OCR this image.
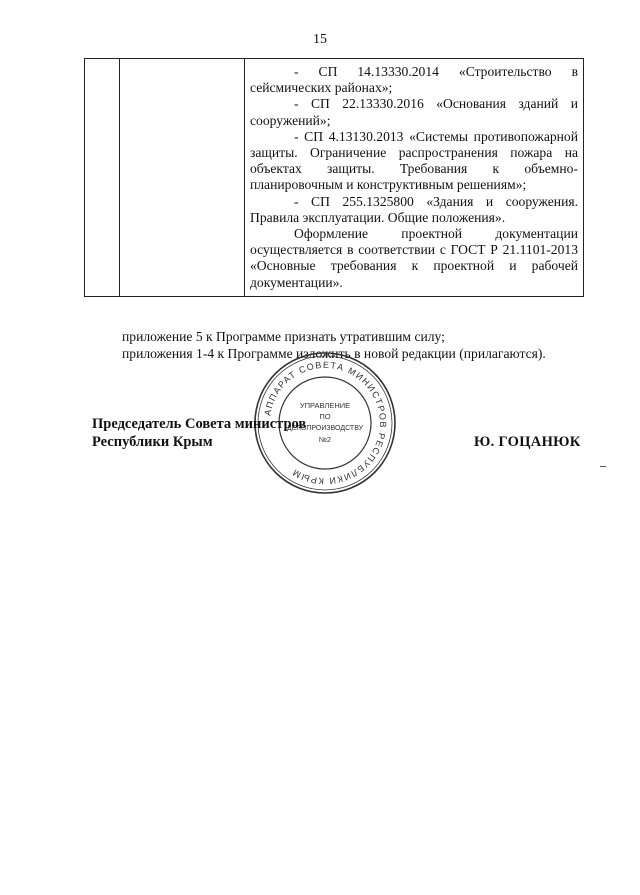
15

- СП 14.13330.2014 «Строительство в сейсмических районах»;

- СП 22.13330.2016 «Основания зданий и сооружений»;

- СП 4.13130.2013 «Системы противопожарной защиты. Ограничение распространения пожара на объектах защиты. Требования к объемно-планировочным и конструктивным решениям»;

- СП 255.1325800 «Здания и сооружения. Правила эксплуатации. Общие положения».

Оформление проектной документации осуществляется в соответствии с ГОСТ Р 21.1101-2013 «Основные требования к проектной и рабочей документации».

приложение 5 к Программе признать утратившим силу;

приложения 1-4 к Программе изложить в новой редакции (прилагаются).

АППАРАТ СОВЕТА МИНИСТРОВ РЕСПУБЛИКИ КРЫМ
УПРАВЛЕНИЕ
ПО
ДЕЛОПРОИЗВОДСТВУ
№2
Председатель Совета министров
Республики Крым	Ю. ГОЦАНЮК
